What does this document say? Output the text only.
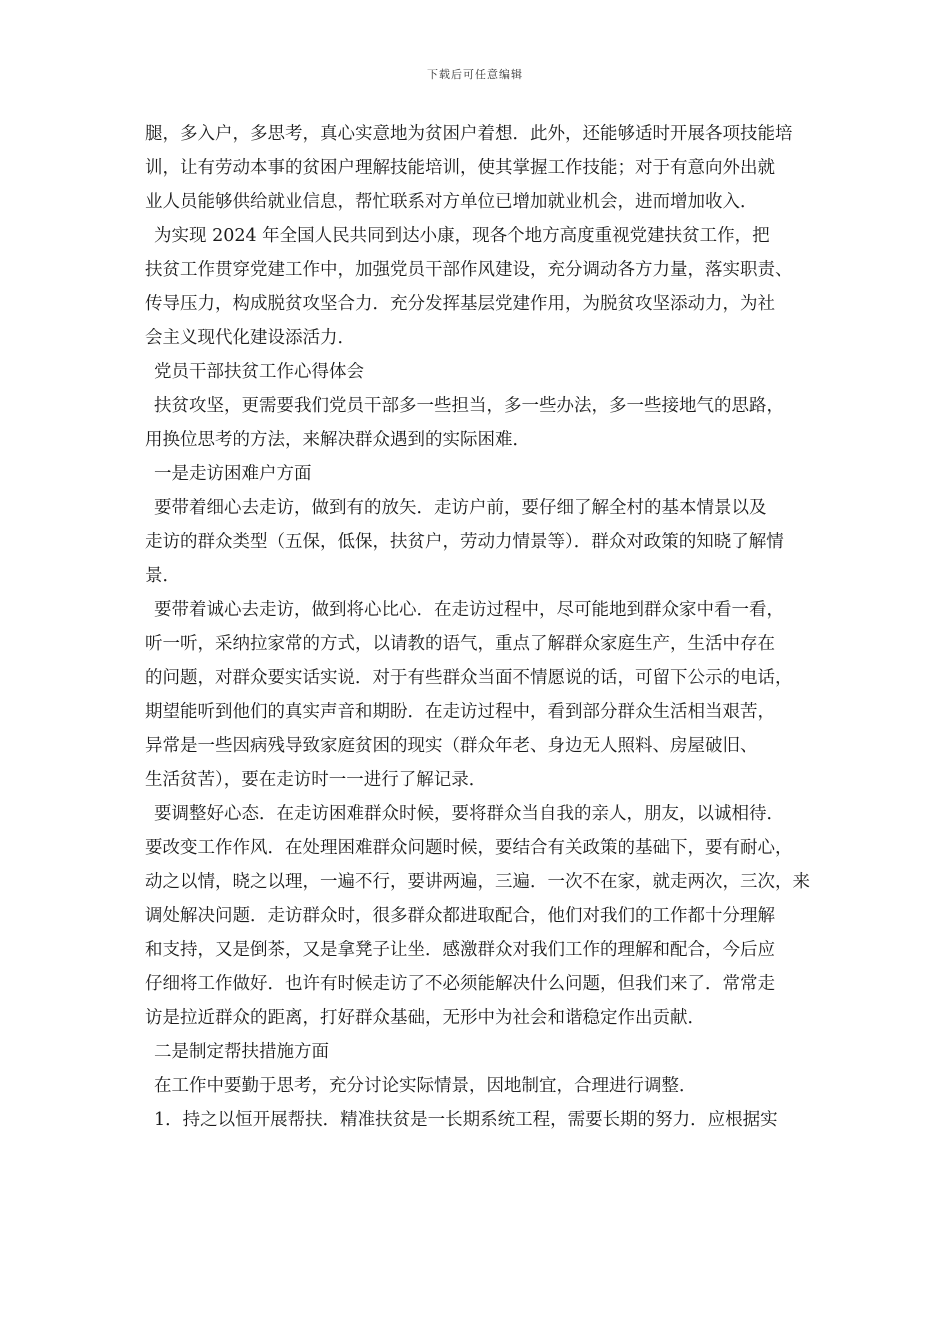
下载后可任意编辑
腿，多入户，多思考，真心实意地为贫困户着想．此外，还能够适时开展各项技能培
训，让有劳动本事的贫困户理解技能培训，使其掌握工作技能；对于有意向外出就
业人员能够供给就业信息，帮忙联系对方单位已增加就业机会，进而增加收入．
为实现 2024 年全国人民共同到达小康，现各个地方高度重视党建扶贫工作，把
扶贫工作贯穿党建工作中，加强党员干部作风建设，充分调动各方力量，落实职责、
传导压力，构成脱贫攻坚合力．充分发挥基层党建作用，为脱贫攻坚添动力，为社
会主义现代化建设添活力．
党员干部扶贫工作心得体会
扶贫攻坚，更需要我们党员干部多一些担当，多一些办法，多一些接地气的思路，
用换位思考的方法，来解决群众遇到的实际困难．
一是走访困难户方面
要带着细心去走访，做到有的放矢．走访户前，要仔细了解全村的基本情景以及
走访的群众类型（五保，低保，扶贫户，劳动力情景等）．群众对政策的知晓了解情
景．
要带着诚心去走访，做到将心比心．在走访过程中，尽可能地到群众家中看一看，
听一听，采纳拉家常的方式，以请教的语气，重点了解群众家庭生产，生活中存在
的问题，对群众要实话实说．对于有些群众当面不情愿说的话，可留下公示的电话，
期望能听到他们的真实声音和期盼．在走访过程中，看到部分群众生活相当艰苦，
异常是一些因病残导致家庭贫困的现实（群众年老、身边无人照料、房屋破旧、
生活贫苦），要在走访时一一进行了解记录．
要调整好心态．在走访困难群众时候，要将群众当自我的亲人，朋友，以诚相待．
要改变工作作风．在处理困难群众问题时候，要结合有关政策的基础下，要有耐心，
动之以情，晓之以理，一遍不行，要讲两遍，三遍．一次不在家，就走两次，三次，来
调处解决问题．走访群众时，很多群众都进取配合，他们对我们的工作都十分理解
和支持，又是倒茶，又是拿凳子让坐．感激群众对我们工作的理解和配合，今后应
仔细将工作做好．也许有时候走访了不必须能解决什么问题，但我们来了．常常走
访是拉近群众的距离，打好群众基础，无形中为社会和谐稳定作出贡献．
二是制定帮扶措施方面
在工作中要勤于思考，充分讨论实际情景，因地制宜，合理进行调整．
1．持之以恒开展帮扶．精准扶贫是一长期系统工程，需要长期的努力．应根据实
